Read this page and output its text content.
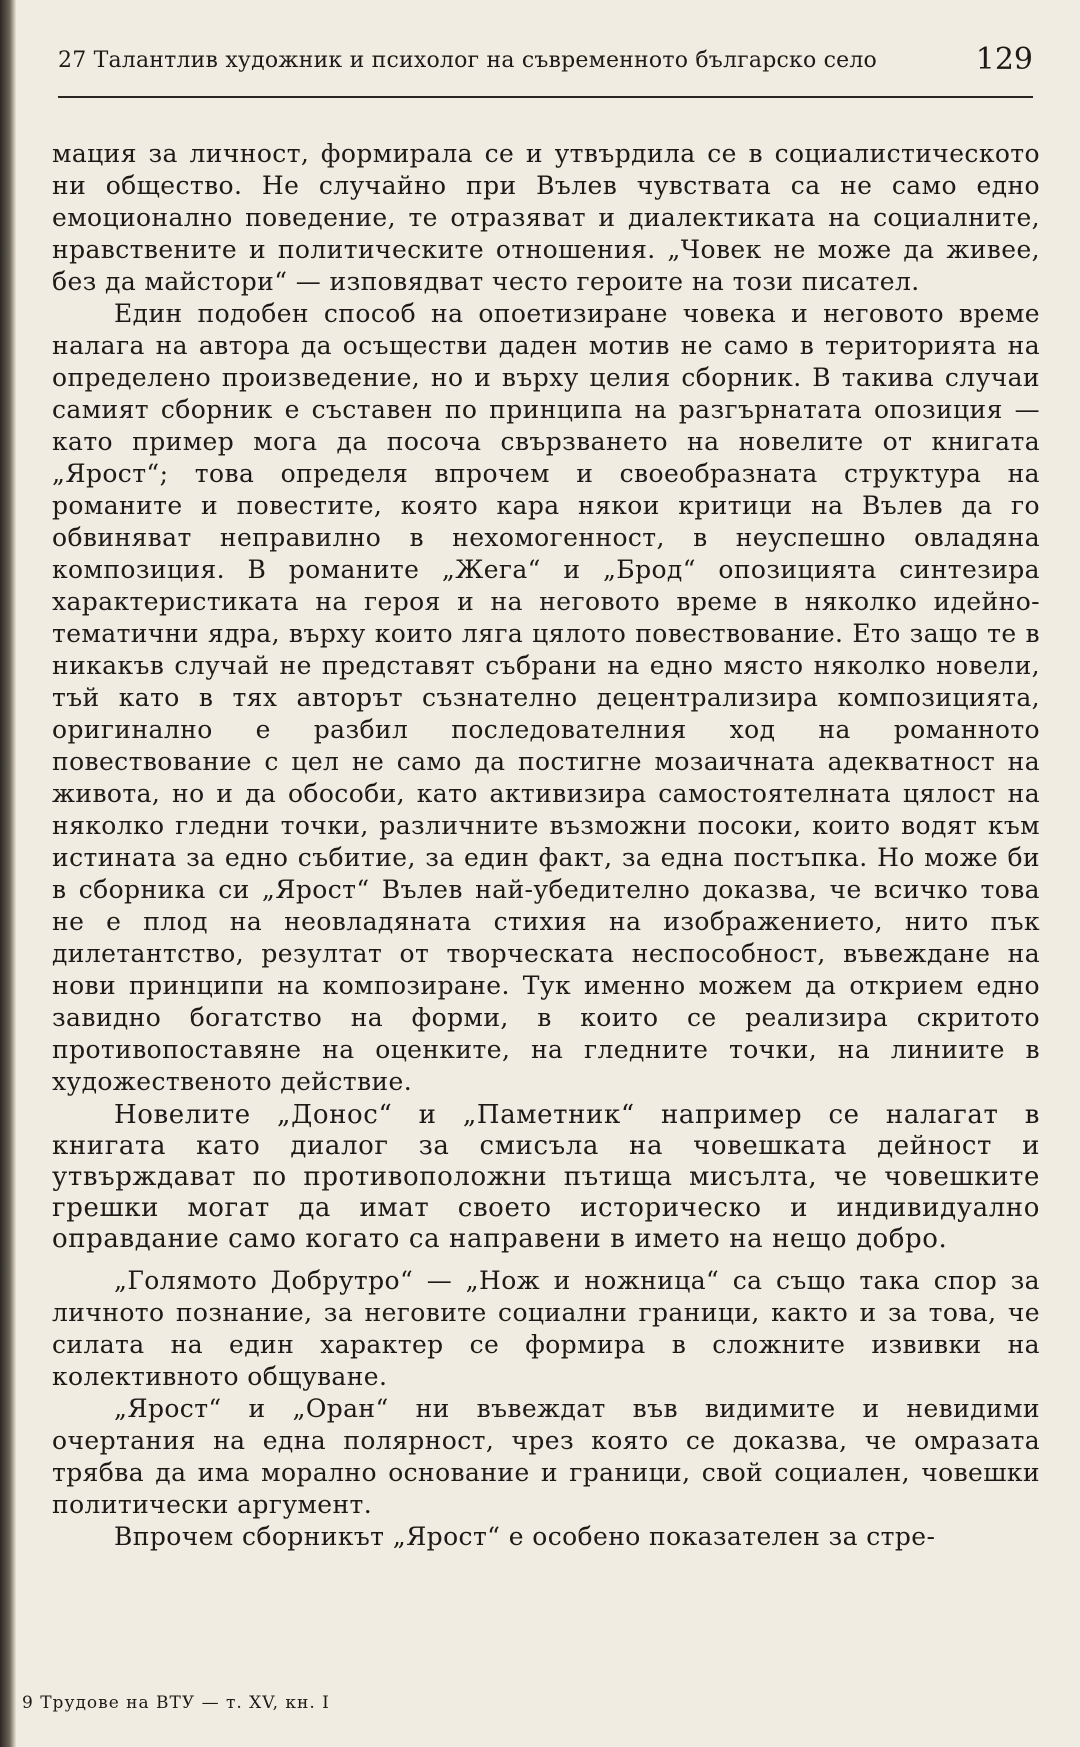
27 Талантлив художник и психолог на съвременното българско село	129

мация за личност, формирала се и утвърдила се в социалистическото ни общество. Не случайно при Вълев чувствата са не само едно емоционално поведение, те отразяват и диалектиката на социалните, нравствените и политическите отношения. „Човек не може да живее, без да майстори“ — изповядват често героите на този писател.

Един подобен способ на опоетизиране човека и неговото време налага на автора да осъществи даден мотив не само в територията на определено произведение, но и върху целия сборник. В такива случаи самият сборник е съставен по принципа на разгърнатата опозиция — като пример мога да посоча свързването на новелите от книгата „Ярост“; това определя впрочем и своеобразната структура на романите и повестите, която кара някои критици на Вълев да го обвиняват неправилно в нехомогенност, в неуспешно овладяна композиция. В романите „Жега“ и „Брод“ опозицията синтезира характеристиката на героя и на неговото време в няколко идейно-тематични ядра, върху които ляга цялото повествование. Ето защо те в никакъв случай не представят събрани на едно място няколко новели, тъй като в тях авторът съзнателно децентрализира композицията, оригинално е разбил последователния ход на романното повествование с цел не само да постигне мозаичната адекватност на живота, но и да обособи, като активизира самостоятелната цялост на няколко гледни точки, различните възможни посоки, които водят към истината за едно събитие, за един факт, за една постъпка. Но може би в сборника си „Ярост“ Вълев най-убедително доказва, че всичко това не е плод на неовладяната стихия на изображението, нито пък дилетантство, резултат от творческата неспособност, въвеждане на нови принципи на композиране. Тук именно можем да открием едно завидно богатство на форми, в които се реализира скритото противопоставяне на оценките, на гледните точки, на линиите в художественото действие.

Новелите „Донос“ и „Паметник“ например се налагат в книгата като диалог за смисъла на човешката дейност и утвърждават по противоположни пътища мисълта, че човешките грешки могат да имат своето историческо и индивидуално оправдание само когато са направени в името на нещо добро.

„Голямото Добрутро“ — „Нож и ножница“ са също така спор за личното познание, за неговите социални граници, както и за това, че силата на един характер се формира в сложните извивки на колективното общуване.

„Ярост“ и „Оран“ ни въвеждат във видимите и невидими очертания на една полярност, чрез която се доказва, че омразата трябва да има морално основание и граници, свой социален, човешки политически аргумент.

Впрочем сборникът „Ярост“ е особено показателен за стре-

9 Трудове на ВТУ — т. XV, кн. I
